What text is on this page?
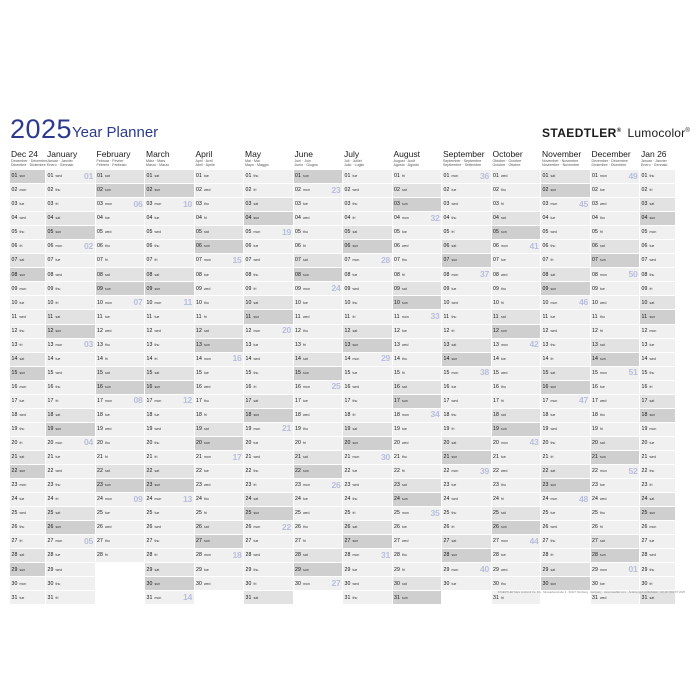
2025 Year Planner	STAEDTLER® Lumocolor®
Dec 24
December · Décembre
Dicembre · Diciembre
01 sun
02 mon
03 tue
04 wed
05 thu
06 fri
07 sat
08 sun
09 mon
10 tue
11 wed
12 thu
13 fri
14 sat
15 sun
16 mon
17 tue
18 wed
19 thu
20 fri
21 sat
22 sun
23 mon
24 tue
25 wed
26 thu
27 fri
28 sat
29 sun
30 mon
31 tue
January
Januar · Janvier
Enero · Gennaio
01 wed	01
02 thu
03 fri
04 sat
05 sun
06 mon	02
07 tue
08 wed
09 thu
10 fri
11 sat
12 sun
13 mon	03
14 tue
15 wed
16 thu
17 fri
18 sat
19 sun
20 mon	04
21 tue
22 wed
23 thu
24 fri
25 sat
26 sun
27 mon	05
28 tue
29 wed
30 thu
31 fri
February
Februar · Février
Febrero · Febbraio
01 sat
02 sun
03 mon	06
04 tue
05 wed
06 thu
07 fri
08 sat
09 sun
10 mon	07
11 tue
12 wed
13 thu
14 fri
15 sat
16 sun
17 mon	08
18 tue
19 wed
20 thu
21 fri
22 sat
23 sun
24 mon	09
25 tue
26 wed
27 thu
28 fri
March
März · Mars
Marzo · Marzo
01 sat
02 sun
03 mon	10
04 tue
05 wed
06 thu
07 fri
08 sat
09 sun
10 mon	11
11 tue
12 wed
13 thu
14 fri
15 sat
16 sun
17 mon	12
18 tue
19 wed
20 thu
21 fri
22 sat
23 sun
24 mon	13
25 tue
26 wed
27 thu
28 fri
29 sat
30 sun
31 mon	14
April
April · Avril
Abril · Aprile
01 tue
02 wed
03 thu
04 fri
05 sat
06 sun
07 mon	15
08 tue
09 wed
10 thu
11 fri
12 sat
13 sun
14 mon	16
15 tue
16 wed
17 thu
18 fri
19 sat
20 sun
21 mon	17
22 tue
23 wed
24 thu
25 fri
26 sat
27 sun
28 mon	18
29 tue
30 wed
May
Mai · Mai
Mayo · Maggio
01 thu
02 fri
03 sat
04 sun
05 mon	19
06 tue
07 wed
08 thu
09 fri
10 sat
11 sun
12 mon	20
13 tue
14 wed
15 thu
16 fri
17 sat
18 sun
19 mon	21
20 tue
21 wed
22 thu
23 fri
24 sat
25 sun
26 mon	22
27 tue
28 wed
29 thu
30 fri
31 sat
June
Juni · Juin
Junio · Giugno
01 sun
02 mon	23
03 tue
04 wed
05 thu
06 fri
07 sat
08 sun
09 mon	24
10 tue
11 wed
12 thu
13 fri
14 sat
15 sun
16 mon	25
17 tue
18 wed
19 thu
20 fri
21 sat
22 sun
23 mon	26
24 tue
25 wed
26 thu
27 fri
28 sat
29 sun
30 mon	27
July
Juli · Juillet
Julio · Luglio
01 tue
02 wed
03 thu
04 fri
05 sat
06 sun
07 mon	28
08 tue
09 wed
10 thu
11 fri
12 sat
13 sun
14 mon	29
15 tue
16 wed
17 thu
18 fri
19 sat
20 sun
21 mon	30
22 tue
23 wed
24 thu
25 fri
26 sat
27 sun
28 mon	31
29 tue
30 wed
31 thu
August
August · Août
Agosto · Agosto
01 fri
02 sat
03 sun
04 mon	32
05 tue
06 wed
07 thu
08 fri
09 sat
10 sun
11 mon	33
12 tue
13 wed
14 thu
15 fri
16 sat
17 sun
18 mon	34
19 tue
20 wed
21 thu
22 fri
23 sat
24 sun
25 mon	35
26 tue
27 wed
28 thu
29 fri
30 sat
31 sun
September
September · Septembre
Septiembre · Settembre
01 mon	36
02 tue
03 wed
04 thu
05 fri
06 sat
07 sun
08 mon	37
09 tue
10 wed
11 thu
12 fri
13 sat
14 sun
15 mon	38
16 tue
17 wed
18 thu
19 fri
20 sat
21 sun
22 mon	39
23 tue
24 wed
25 thu
26 fri
27 sat
28 sun
29 mon	40
30 tue
October
Oktober · Octobre
Octubre · Ottobre
01 wed
02 thu
03 fri
04 sat
05 sun
06 mon	41
07 tue
08 wed
09 thu
10 fri
11 sat
12 sun
13 mon	42
14 tue
15 wed
16 thu
17 fri
18 sat
19 sun
20 mon	43
21 tue
22 wed
23 thu
24 fri
25 sat
26 sun
27 mon	44
28 tue
29 wed
30 thu
31 fri
November
November · Novembre
Noviembre · Novembre
01 sat
02 sun
03 mon	45
04 tue
05 wed
06 thu
07 fri
08 sat
09 sun
10 mon	46
11 tue
12 wed
13 thu
14 fri
15 sat
16 sun
17 mon	47
18 tue
19 wed
20 thu
21 fri
22 sat
23 sun
24 mon	48
25 tue
26 wed
27 thu
28 fri
29 sat
30 sun
December
Dezember · Décembre
Diciembre · Dicembre
01 mon	49
02 tue
03 wed
04 thu
05 fri
06 sat
07 sun
08 mon	50
09 tue
10 wed
11 thu
12 fri
13 sat
14 sun
15 mon	51
16 tue
17 wed
18 thu
19 fri
20 sat
21 sun
22 mon	52
23 tue
24 wed
25 thu
26 fri
27 sat
28 sun
29 mon	01
30 tue
31 wed
Jan 26
Januar · Janvier
Enero · Gennaio
01 thu
02 fri
03 sat
04 sun
05 mon
06 tue
07 wed
08 thu
09 fri
10 sat
11 sun
12 mon
13 tue
14 wed
15 thu
16 fri
17 sat
18 sun
19 mon
20 tue
21 wed
22 thu
23 fri
24 sat
25 sun
26 mon
27 tue
28 wed
29 thu
30 fri
31 sat
STAEDTLER Mars GmbH & Co. KG · Moosäckerstraße 3 · 90427 Nürnberg · Germany · www.staedtler.com · Änderungen vorbehalten · Art.-Nr. 641 YP 2025
